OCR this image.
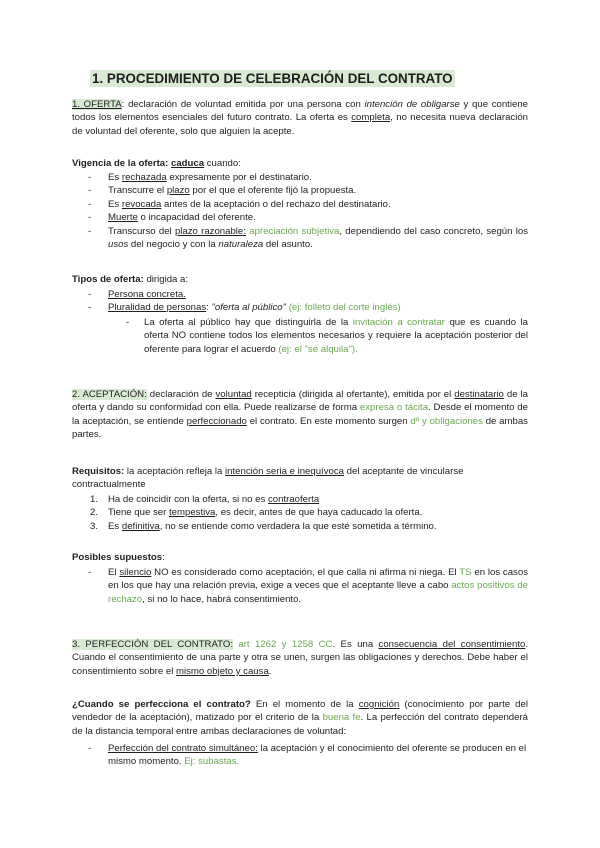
1. PROCEDIMIENTO DE CELEBRACIÓN DEL CONTRATO

1. OFERTA: declaración de voluntad emitida por una persona con intención de obligarse y que contiene todos los elementos esenciales del futuro contrato. La oferta es completa, no necesita nueva declaración de voluntad del oferente, solo que alguien la acepte.

Vigencia de la oferta: caduca cuando:

- Es rechazada expresamente por el destinatario.
- Transcurre el plazo por el que el oferente fijó la propuesta.
- Es revocada antes de la aceptación o del rechazo del destinatario.
- Muerte o incapacidad del oferente.
- Transcurso del plazo razonable: apreciación subjetiva, dependiendo del caso concreto, según los usos del negocio y con la naturaleza del asunto.

Tipos de oferta: dirigida a:

- Persona concreta.
- Pluralidad de personas: "oferta al público" (ej: folleto del corte inglés)
- La oferta al público hay que distinguirla de la invitación a contratar que es cuando la oferta NO contiene todos los elementos necesarios y requiere la aceptación posterior del oferente para lograr el acuerdo (ej: el "se alquila").

2. ACEPTACIÓN: declaración de voluntad recepticia (dirigida al ofertante), emitida por el destinatario de la oferta y dando su conformidad con ella. Puede realizarse de forma expresa o tácita. Desde el momento de la aceptación, se entiende perfeccionado el contrato. En este momento surgen dº y obligaciones de ambas partes.

Requisitos: la aceptación refleja la intención seria e inequívoca del aceptante de vincularse contractualmente

1. Ha de coincidir con la oferta, si no es contraoferta
2. Tiene que ser tempestiva, es decir, antes de que haya caducado la oferta.
3. Es definitiva, no se entiende como verdadera la que esté sometida a término.

Posibles supuestos:

- El silencio NO es considerado como aceptación, el que calla ni afirma ni niega. El TS en los casos en los que hay una relación previa, exige a veces que el aceptante lleve a cabo actos positivos de rechazo, si no lo hace, habrá consentimiento.

3. PERFECCIÓN DEL CONTRATO: art 1262 y 1258 CC. Es una consecuencia del consentimiento. Cuando el consentimiento de una parte y otra se unen, surgen las obligaciones y derechos. Debe haber el consentimiento sobre el mismo objeto y causa.

¿Cuando se perfecciona el contrato? En el momento de la cognición (conocimiento por parte del vendedor de la aceptación), matizado por el criterio de la buena fe. La perfección del contrato dependerá de la distancia temporal entre ambas declaraciones de voluntad:

- Perfección del contrato simultáneo: la aceptación y el conocimiento del oferente se producen en el mismo momento. Ej: subastas.
